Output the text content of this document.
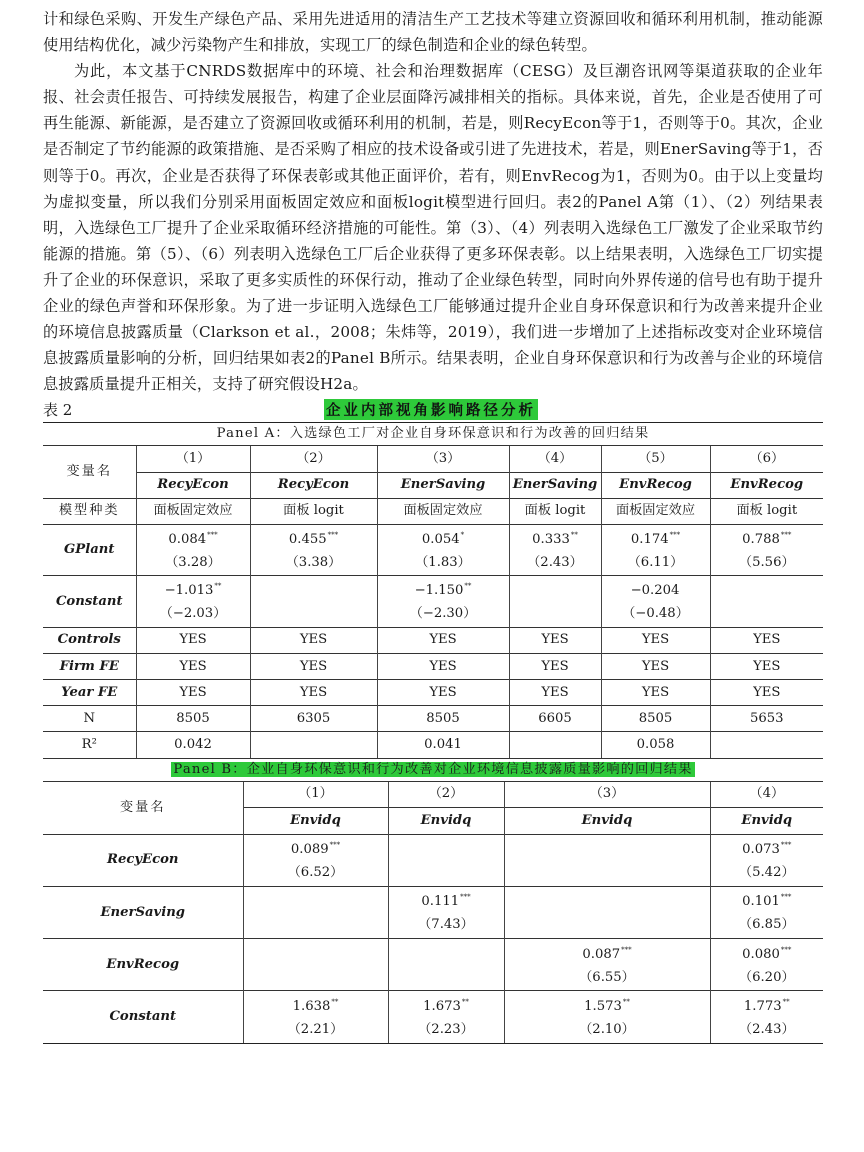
计和绿色采购、开发生产绿色产品、采用先进适用的清洁生产工艺技术等建立资源回收和循环利用机制，推动能源使用结构优化，减少污染物产生和排放，实现工厂的绿色制造和企业的绿色转型。

为此，本文基于CNRDS数据库中的环境、社会和治理数据库（CESG）及巨潮咨讯网等渠道获取的企业年报、社会责任报告、可持续发展报告，构建了企业层面降污减排相关的指标。具体来说，首先，企业是否使用了可再生能源、新能源，是否建立了资源回收或循环利用的机制，若是，则RecyEcon等于1，否则等于0。其次，企业是否制定了节约能源的政策措施、是否采购了相应的技术设备或引进了先进技术，若是，则EnerSaving等于1，否则等于0。再次，企业是否获得了环保表彰或其他正面评价，若有，则EnvRecog为1，否则为0。由于以上变量均为虚拟变量，所以我们分别采用面板固定效应和面板logit模型进行回归。表2的Panel A第（1）、（2）列结果表明，入选绿色工厂提升了企业采取循环经济措施的可能性。第（3）、（4）列表明入选绿色工厂激发了企业采取节约能源的措施。第（5）、（6）列表明入选绿色工厂后企业获得了更多环保表彰。以上结果表明，入选绿色工厂切实提升了企业的环保意识，采取了更多实质性的环保行动，推动了企业绿色转型，同时向外界传递的信号也有助于提升企业的绿色声誉和环保形象。为了进一步证明入选绿色工厂能够通过提升企业自身环保意识和行为改善来提升企业的环境信息披露质量（Clarkson et al.，2008；朱炜等，2019），我们进一步增加了上述指标改变对企业环境信息披露质量影响的分析，回归结果如表2的Panel B所示。结果表明，企业自身环保意识和行为改善与企业的环境信息披露质量提升正相关，支持了研究假设H2a。

表 2	企业内部视角影响路径分析
Panel A：入选绿色工厂对企业自身环保意识和行为改善的回归结果						
变量名	（1）	（2）	（3）	（4）	（5）	（6）
	RecyEcon	RecyEcon	EnerSaving	EnerSaving	EnvRecog	EnvRecog
模型种类	面板固定效应	面板 logit	面板固定效应	面板 logit	面板固定效应	面板 logit
GPlant	0.084***	0.455***	0.054*	0.333**	0.174***	0.788***
	（3.28）	（3.38）	（1.83）	（2.43）	（6.11）	（5.56）
Constant	−1.013**		−1.150**		−0.204	
	（−2.03）		（−2.30）		（−0.48）	
Controls	YES	YES	YES	YES	YES	YES
Firm FE	YES	YES	YES	YES	YES	YES
Year FE	YES	YES	YES	YES	YES	YES
N	8505	6305	8505	6605	8505	5653
R²	0.042		0.041		0.058	
Panel B：企业自身环保意识和行为改善对企业环境信息披露质量影响的回归结果				
变量名	（1）	（2）	（3）	（4）
	Envidq	Envidq	Envidq	Envidq
RecyEcon	0.089***			0.073***
	（6.52）			（5.42）
EnerSaving		0.111***		0.101***
		（7.43）		（6.85）
EnvRecog			0.087***	0.080***
			（6.55）	（6.20）
Constant	1.638**	1.673**	1.573**	1.773**
	（2.21）	（2.23）	（2.10）	（2.43）
